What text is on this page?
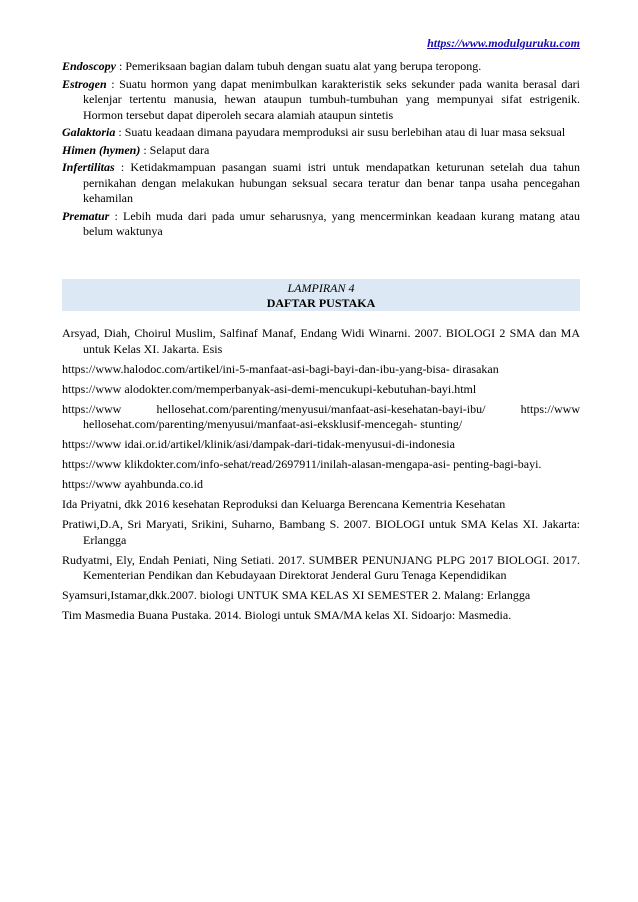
https://www.modulguruku.com

Endoscopy : Pemeriksaan bagian dalam tubuh dengan suatu alat yang berupa teropong.

Estrogen : Suatu hormon yang dapat menimbulkan karakteristik seks sekunder pada wanita berasal dari kelenjar tertentu manusia, hewan ataupun tumbuh-tumbuhan yang mempunyai sifat estrigenik. Hormon tersebut dapat diperoleh secara alamiah ataupun sintetis

Galaktoria : Suatu keadaan dimana payudara memproduksi air susu berlebihan atau di luar masa seksual

Himen (hymen) : Selaput dara

Infertilitas : Ketidakmampuan pasangan suami istri untuk mendapatkan keturunan setelah dua tahun pernikahan dengan melakukan hubungan seksual secara teratur dan benar tanpa usaha pencegahan kehamilan

Prematur : Lebih muda dari pada umur seharusnya, yang mencerminkan keadaan kurang matang atau belum waktunya

LAMPIRAN 4
DAFTAR PUSTAKA

Arsyad, Diah, Choirul Muslim, Salfinaf Manaf, Endang Widi Winarni. 2007. BIOLOGI 2 SMA dan MA untuk Kelas XI. Jakarta. Esis

https://www.halodoc.com/artikel/ini-5-manfaat-asi-bagi-bayi-dan-ibu-yang-bisa- dirasakan

https://www alodokter.com/memperbanyak-asi-demi-mencukupi-kebutuhan-bayi.html

https://www hellosehat.com/parenting/menyusui/manfaat-asi-kesehatan-bayi-ibu/ https://www hellosehat.com/parenting/menyusui/manfaat-asi-eksklusif-mencegah- stunting/

https://www idai.or.id/artikel/klinik/asi/dampak-dari-tidak-menyusui-di-indonesia

https://www klikdokter.com/info-sehat/read/2697911/inilah-alasan-mengapa-asi- penting-bagi-bayi.

https://www ayahbunda.co.id

Ida Priyatni, dkk 2016 kesehatan Reproduksi dan Keluarga Berencana Kementria Kesehatan

Pratiwi,D.A, Sri Maryati, Srikini, Suharno, Bambang S. 2007. BIOLOGI untuk SMA Kelas XI. Jakarta: Erlangga

Rudyatmi, Ely, Endah Peniati, Ning Setiati. 2017. SUMBER PENUNJANG PLPG 2017 BIOLOGI. 2017. Kementerian Pendikan dan Kebudayaan Direktorat Jenderal Guru Tenaga Kependidikan

Syamsuri,Istamar,dkk.2007. biologi UNTUK SMA KELAS XI SEMESTER 2. Malang: Erlangga

Tim Masmedia Buana Pustaka. 2014. Biologi untuk SMA/MA kelas XI. Sidoarjo: Masmedia.
